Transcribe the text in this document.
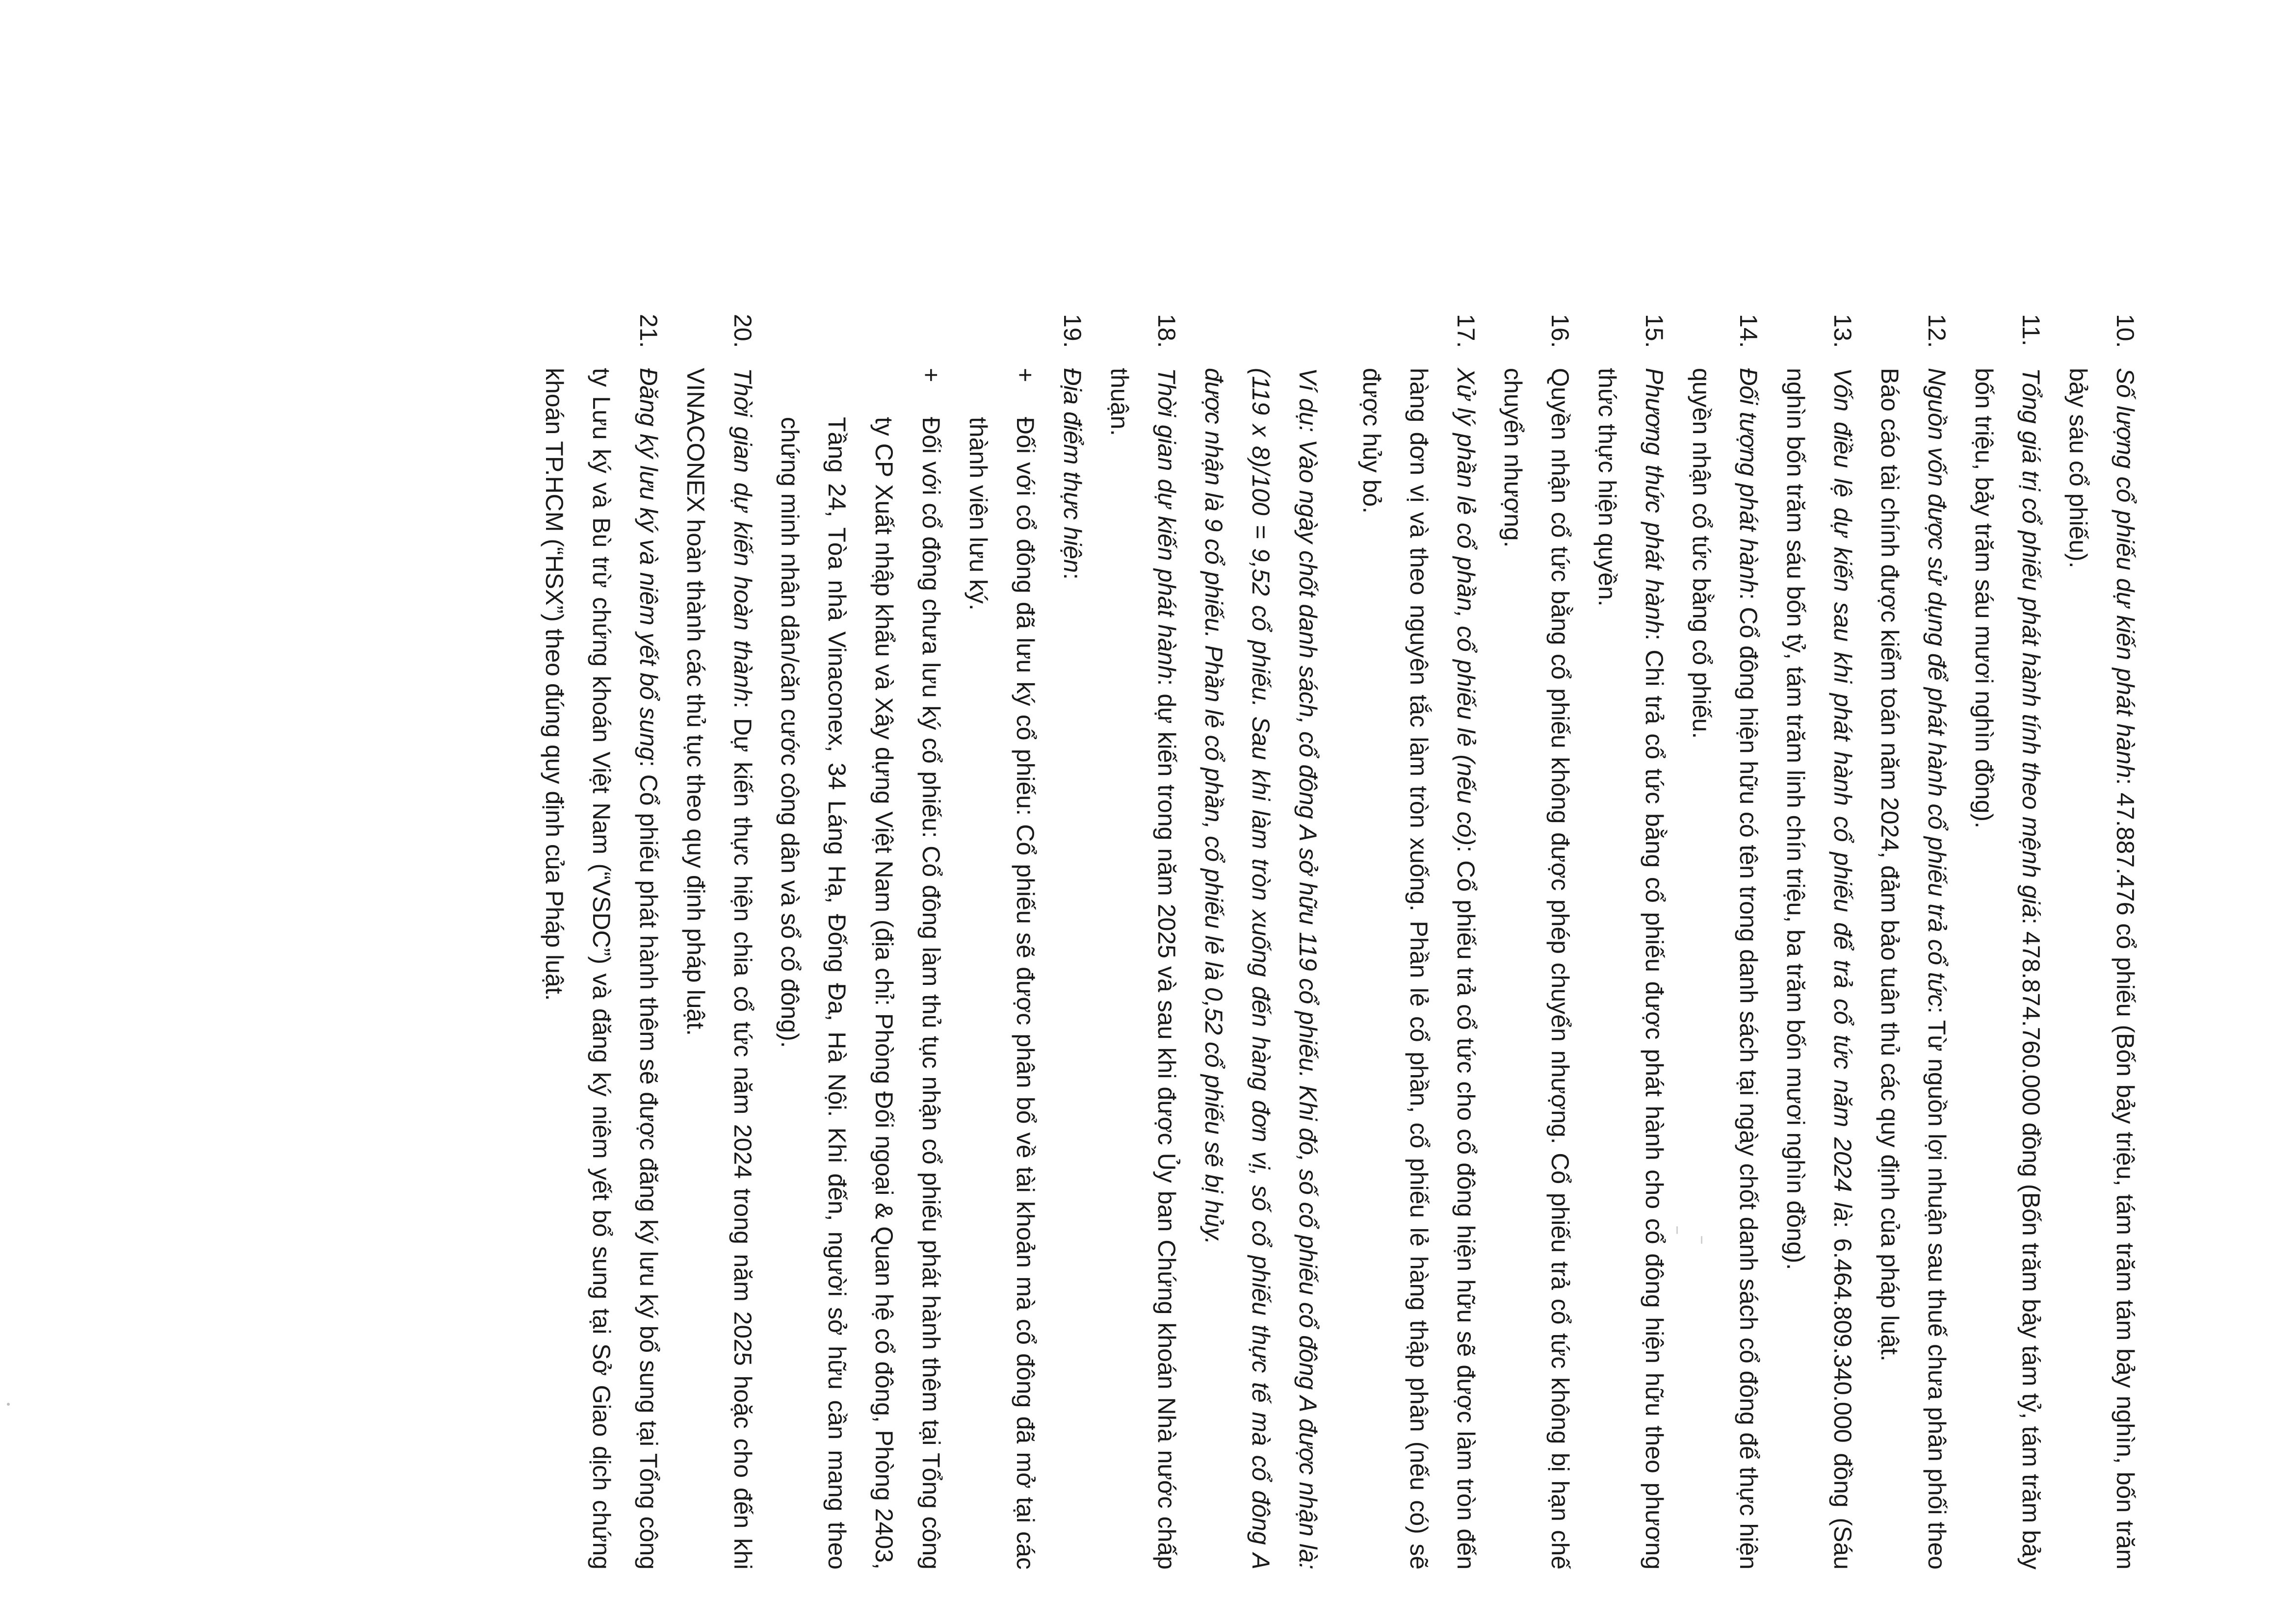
10.
Số lượng cổ phiếu dự kiến phát hành: 47.887.476 cổ phiếu (Bốn bảy triệu, tám trăm tám bảy nghìn, bốn trăm bảy sáu cổ phiếu).
11.
Tổng giá trị cổ phiếu phát hành tính theo mệnh giá: 478.874.760.000 đồng (Bốn trăm bảy tám tỷ, tám trăm bảy bốn triệu, bảy trăm sáu mươi nghìn đồng).
12.
Nguồn vốn được sử dụng để phát hành cổ phiếu trả cổ tức: Từ nguồn lợi nhuận sau thuế chưa phân phối theo Báo cáo tài chính được kiểm toán năm 2024, đảm bảo tuân thủ các quy định của pháp luật.
13.
Vốn điều lệ dự kiến sau khi phát hành cổ phiếu để trả cổ tức năm 2024 là: 6.464.809.340.000 đồng (Sáu nghìn bốn trăm sáu bốn tỷ, tám trăm linh chín triệu, ba trăm bốn mươi nghìn đồng).
14.
Đối tượng phát hành: Cổ đông hiện hữu có tên trong danh sách tại ngày chốt danh sách cổ đông để thực hiện quyền nhận cổ tức bằng cổ phiếu.
15.
Phương thức phát hành: Chi trả cổ tức bằng cổ phiếu được phát hành cho cổ đông hiện hữu theo phương thức thực hiện quyền.
16.
Quyền nhận cổ tức bằng cổ phiếu không được phép chuyển nhượng. Cổ phiếu trả cổ tức không bị hạn chế chuyển nhượng.
17.

Xử lý phần lẻ cổ phần, cổ phiếu lẻ (nếu có): Cổ phiếu trả cổ tức cho cổ đông hiện hữu sẽ được làm tròn đến hàng đơn vị và theo nguyên tắc làm tròn xuống. Phần lẻ cổ phần, cổ phiếu lẻ hàng thập phân (nếu có) sẽ được hủy bỏ.

Ví dụ: Vào ngày chốt danh sách, cổ đông A sở hữu 119 cổ phiếu. Khi đó, số cổ phiếu cổ đông A được nhận là: (119 x 8)/100 = 9,52 cổ phiếu. Sau khi làm tròn xuống đến hàng đơn vị, số cổ phiếu thực tế mà cổ đông A được nhận là 9 cổ phiếu. Phần lẻ cổ phần, cổ phiếu lẻ là 0,52 cổ phiếu sẽ bị hủy.

18.
Thời gian dự kiến phát hành: dự kiến trong năm 2025 và sau khi được Ủy ban Chứng khoán Nhà nước chấp thuận.
19.

Địa điểm thực hiện:

+
Đối với cổ đông đã lưu ký cổ phiếu: Cổ phiếu sẽ được phân bổ về tài khoản mà cổ đông đã mở tại các thành viên lưu ký.
+
Đối với cổ đông chưa lưu ký cổ phiếu: Cổ đông làm thủ tục nhận cổ phiếu phát hành thêm tại Tổng công ty CP Xuất nhập khẩu và Xây dựng Việt Nam (địa chỉ: Phòng Đối ngoại & Quan hệ cổ đông, Phòng 2403, Tầng 24, Tòa nhà Vinaconex, 34 Láng Hạ, Đống Đa, Hà Nội. Khi đến, người sở hữu cần mang theo chứng minh nhân dân/căn cước công dân và sổ cổ đông).
20.
Thời gian dự kiến hoàn thành: Dự kiến thực hiện chia cổ tức năm 2024 trong năm 2025 hoặc cho đến khi VINACONEX hoàn thành các thủ tục theo quy định pháp luật.
21.
Đăng ký lưu ký và niêm yết bổ sung: Cổ phiếu phát hành thêm sẽ được đăng ký lưu ký bổ sung tại Tổng công ty Lưu ký và Bù trừ chứng khoán Việt Nam (“VSDC”) và đăng ký niêm yết bổ sung tại Sở Giao dịch chứng khoán TP.HCM (“HSX”) theo đúng quy định của Pháp luật.
